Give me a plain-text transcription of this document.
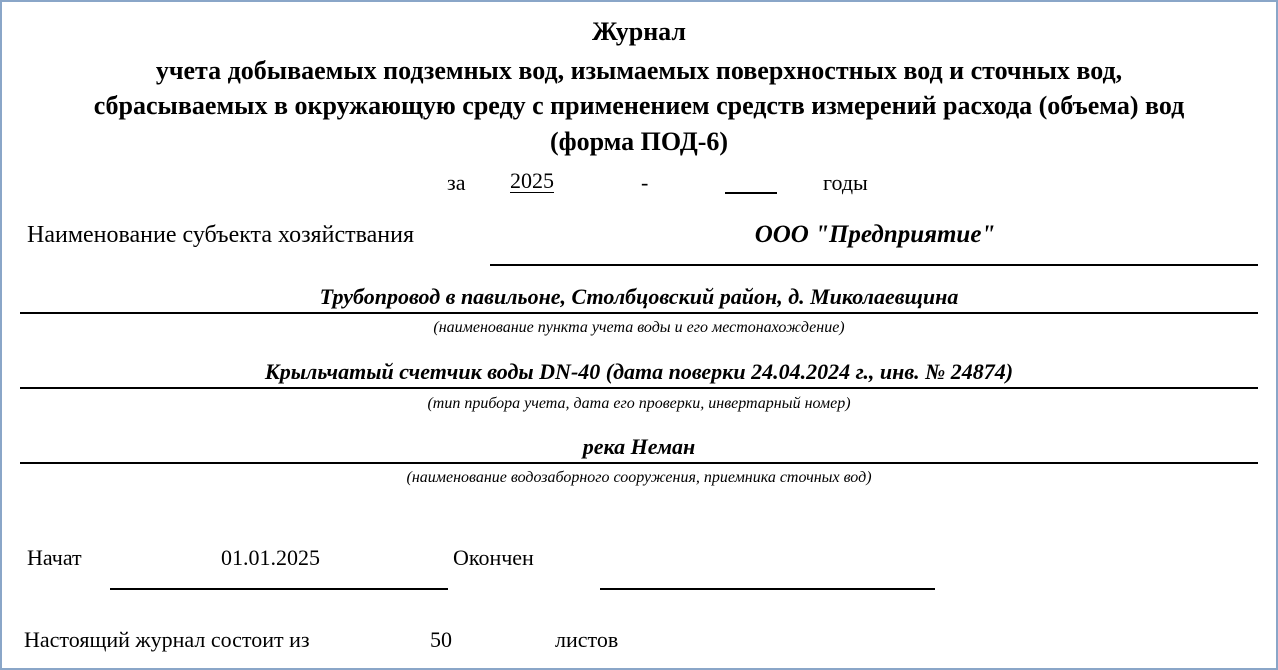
Журнал
учета добываемых подземных вод, изымаемых поверхностных вод и сточных вод,
сбрасываемых в окружающую среду с применением средств измерений расхода (объема) вод
(форма ПОД-6)
за 2025	-	годы
Наименование субъекта хозяйствания	ООО "Предприятие"
Трубопровод в павильоне, Столбцовский район, д. Миколаевщина
(наименование пункта учета воды и его местонахождение)
Крыльчатый счетчик воды DN-40 (дата поверки 24.04.2024 г., инв. № 24874)
(тип прибора учета, дата его проверки, инвертарный номер)
река Неман
(наименование водозаборного сооружения, приемника сточных вод)
Начат	01.01.2025	Окончен
Настоящий журнал состоит из	50	листов
